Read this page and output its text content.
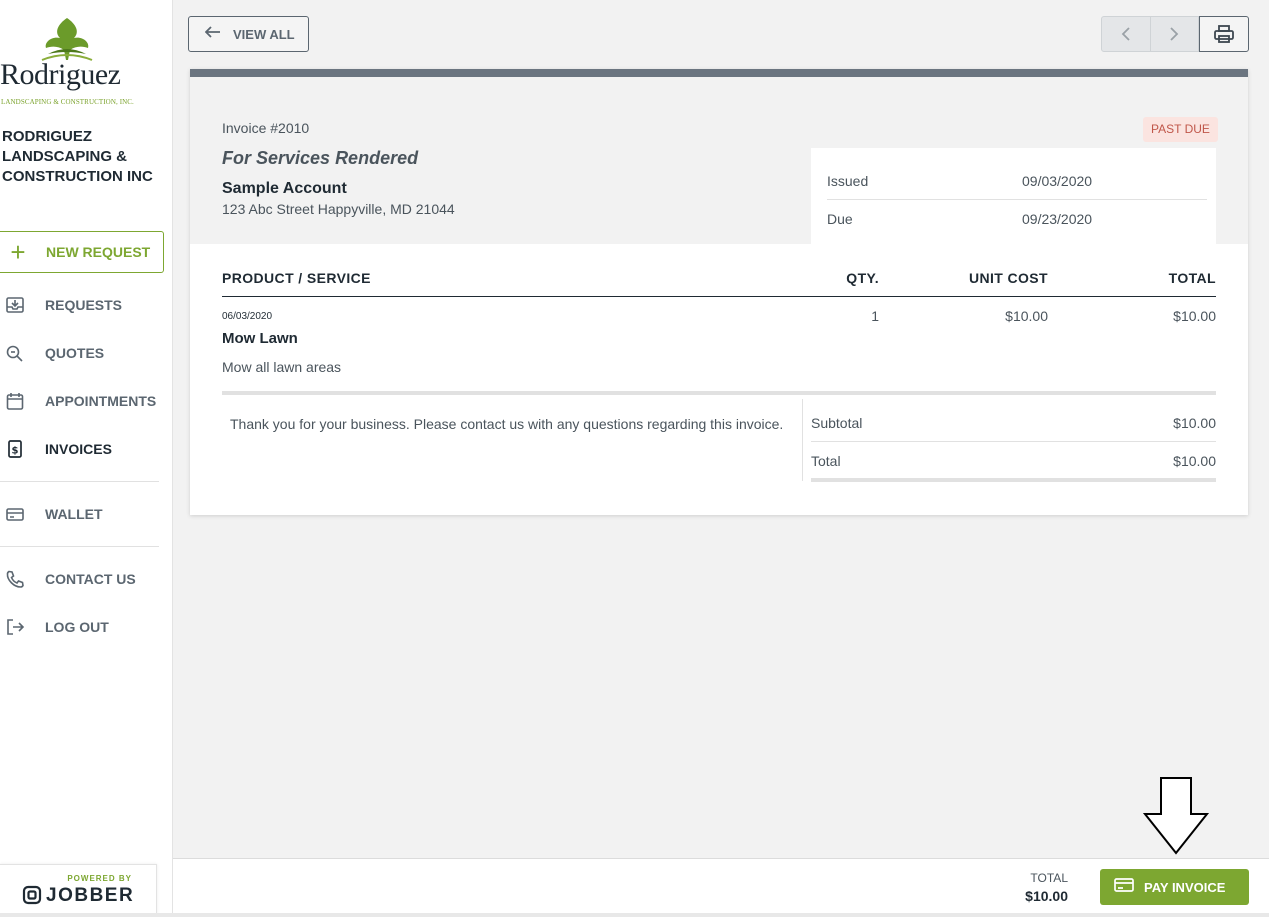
Rodriguez
LANDSCAPING & CONSTRUCTION, INC.
RODRIGUEZ LANDSCAPING & CONSTRUCTION INC
+	NEW REQUEST
REQUESTS
QUOTES
APPOINTMENTS
$ INVOICES
WALLET
CONTACT US
LOG OUT
POWERED BY
JOBBER
VIEW ALL
Invoice #2010
For Services Rendered
Sample Account
123 Abc Street Happyville, MD 21044
PAST DUE
Issued	09/03/2020
Due	09/23/2020
PRODUCT / SERVICE	QTY.	UNIT COST	TOTAL
06/03/2020
Mow Lawn
Mow all lawn areas
1	$10.00	$10.00
Thank you for your business. Please contact us with any questions regarding this invoice.	Subtotal	$10.00
Total	$10.00
TOTAL
$10.00
PAY INVOICE
